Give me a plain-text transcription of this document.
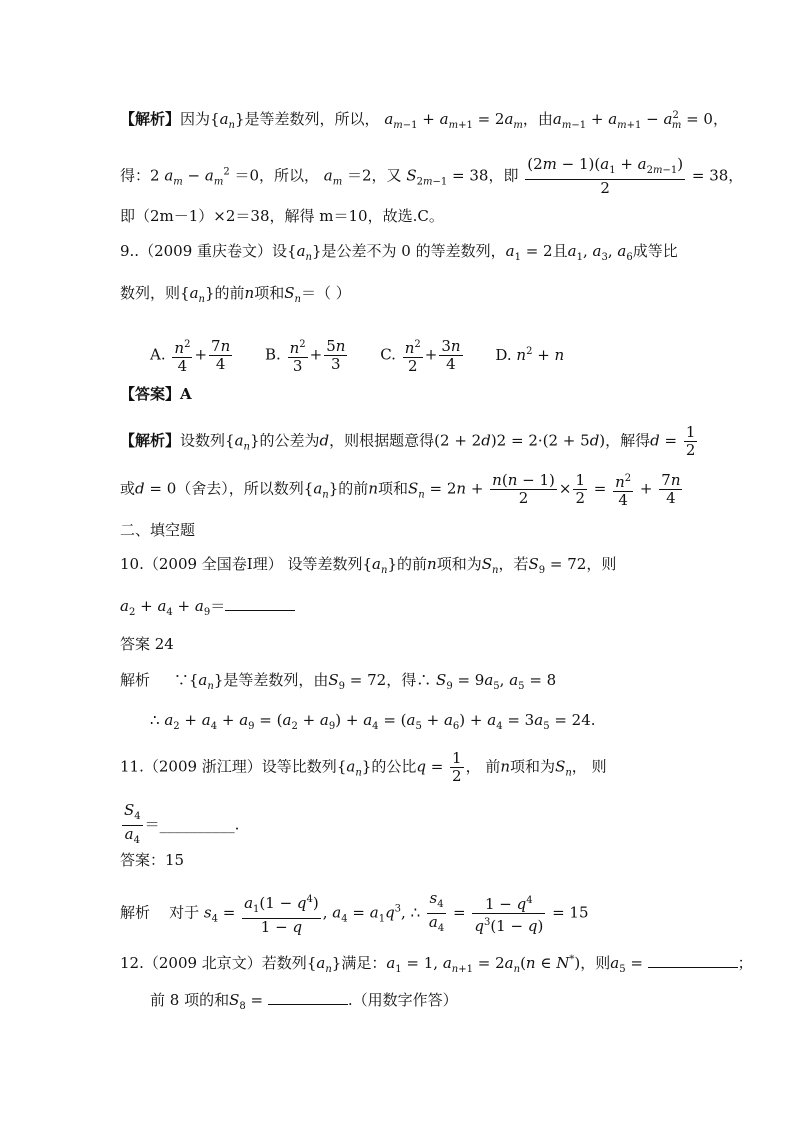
【解析】因为$\{a_n\}$是等差数列，所以， $a_{m-1} + a_{m+1} = 2a_m$，由$a_{m-1} + a_{m+1} - a^2_m = 0$，
得：2 $a_m - a_m^2 =0$，所以， $a_m =2$，又 $S_{2m-1} = 38$，即 $\frac{(2m - 1)(a_1 + a_{2m-1})}{2} = 38$，
即（2m－1）×2＝38，解得 m＝10，故选.C。
9..（2009 重庆卷文）设$\{a_n\}$是公差不为 0 的等差数列，$a_1 = 2$且$a_1$, $a_3$, $a_6$成等比
数列，则$\{a_n\}$的前n项和$S_n=$（ ）
A. $\frac{n^2}{4} + \frac{7n}{4} B$. $\frac{n^2}{3} + \frac{5n}{3} C$. $\frac{n^2}{2} + \frac{3n}{4} D$. $n^2 + n$
【答案】A
【解析】设数列$\{a_n\}$的公差为d，则根据题意得(2 + 2d)2 = 2·(2 + 5d)，解得$d = \frac{1}{2}$
或d = 0（舍去），所以数列$\{a_n\}$的前n项和$S_n = 2n + \frac{n(n - 1)}{2} \times \frac{1}{2} = \frac{n^2}{4} + \frac{7n}{4}$
二、填空题
10.（2009 全国卷Ⅰ理） 设等差数列$\{a_n\}$的前n项和为$S_n$，若$S_9 = 72$，则
$a_2 + a_4 + a_9=$
答案 24
解析     $\because\{a_n\}$是等差数列，由$S_9 = 72$，得∴ $S_9 = 9a_5$, $a_5 = 8$
∴ $a_2 + a_4 + a_9 = (a_2 + a_9) + a_4 = (a_5 + a_6) + a_4 = 3a_5 = 24$.
11.（2009 浙江理）设等比数列$\{a_n\}$的公比$q = \frac{1}{2}$ ， 前n项和为$S_n$， 则
$\frac{S_4}{a_4}$ ＝__________.
答案：15
解析 对于 $s_4 = \frac{a_1(1 - q^4)}{1 - q}$ , $a_4 = a_1q^3$, ∴ $\frac{s_4}{a_4} = \frac{1 - q^4}{q^3(1 - q)} = 15$
12.（2009 北京文）若数列$\{a_n\}$满足：$a_1 = 1$, $a_{n+1} = 2a_n(n$ ∈ N*)，则$a_5$ =	；
前 8 项的和$S_8$ =	.（用数字作答）
